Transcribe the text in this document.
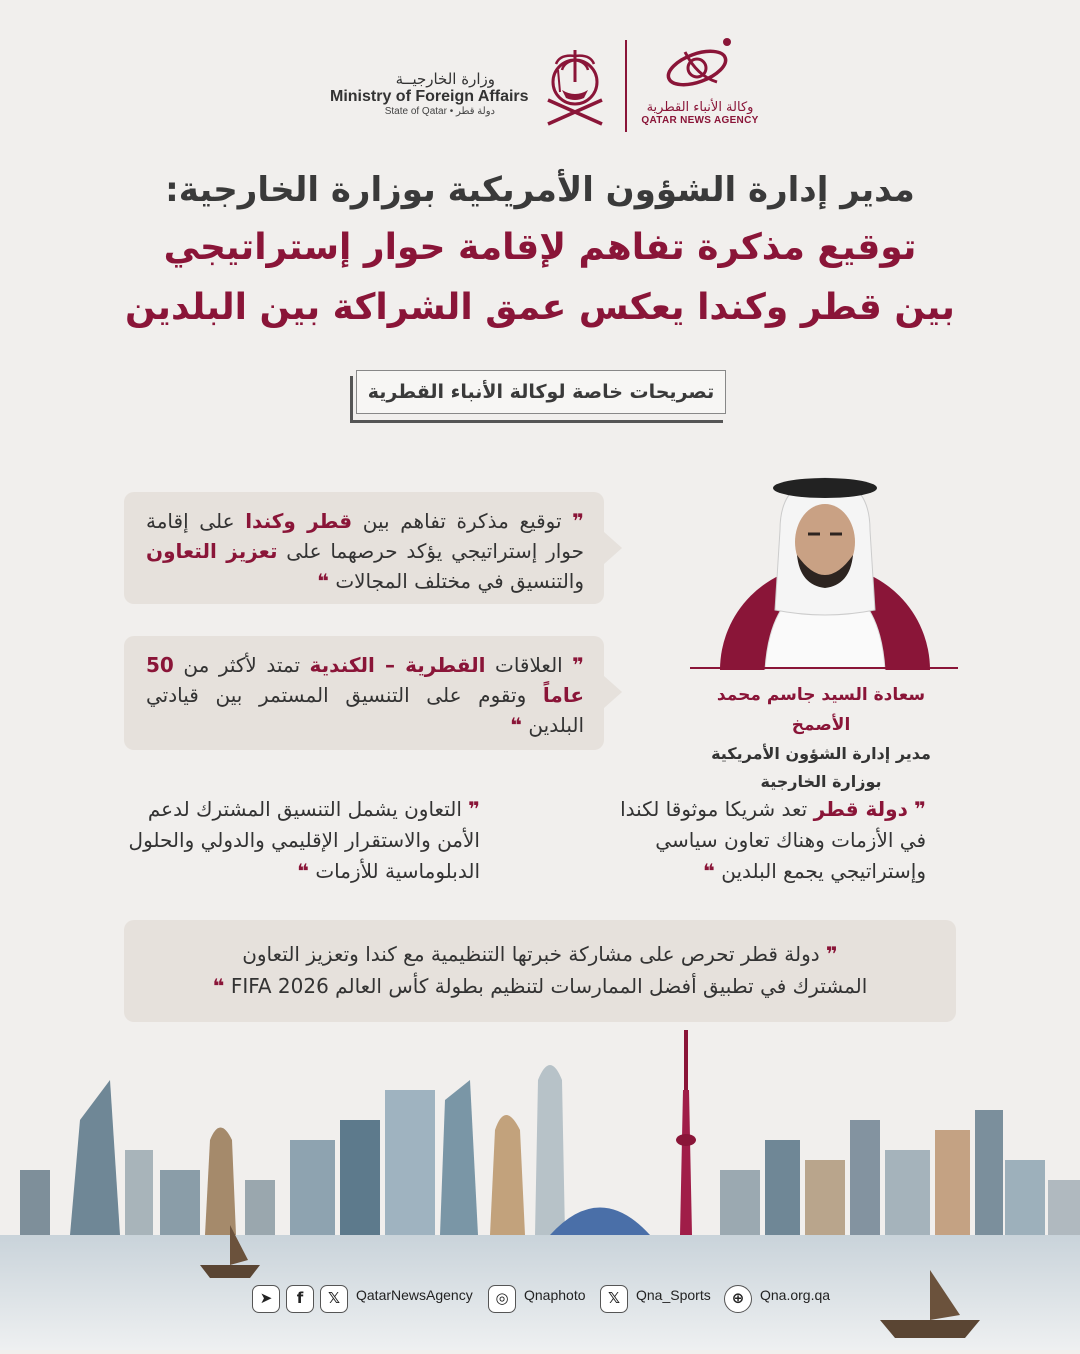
وزارة الخارجيــة
Ministry of Foreign Affairs
State of Qatar • دولة قطر	وكالة الأنباء القطرية
QATAR NEWS AGENCY
مدير إدارة الشؤون الأمريكية بوزارة الخارجية:
توقيع مذكرة تفاهم لإقامة حوار إستراتيجي
بين قطر وكندا يعكس عمق الشراكة بين البلدين
تصريحات خاصة لوكالة الأنباء القطرية
❞ توقيع مذكرة تفاهم بين قطر وكندا على إقامة حوار إستراتيجي يؤكد حرصهما على تعزيز التعاون والتنسيق في مختلف المجالات ❝
❞ العلاقات القطرية – الكندية تمتد لأكثر من 50 عاماً وتقوم على التنسيق المستمر بين قيادتي البلدين ❝
سعادة السيد جاسم محمد الأصمخ
مدير إدارة الشؤون الأمريكية
بوزارة الخارجية
❞ دولة قطر تعد شريكا موثوقا لكندا في الأزمات وهناك تعاون سياسي وإستراتيجي يجمع البلدين ❝
❞ التعاون يشمل التنسيق المشترك لدعم الأمن والاستقرار الإقليمي والدولي والحلول الدبلوماسية للأزمات ❝
❞ دولة قطر تحرص على مشاركة خبرتها التنظيمية مع كندا وتعزيز التعاون
المشترك في تطبيق أفضل الممارسات لتنظيم بطولة كأس العالم FIFA 2026 ❝
➤	f	𝕏	QatarNewsAgency	◎	Qnaphoto	𝕏	Qna_Sports	⊕	Qna.org.qa
